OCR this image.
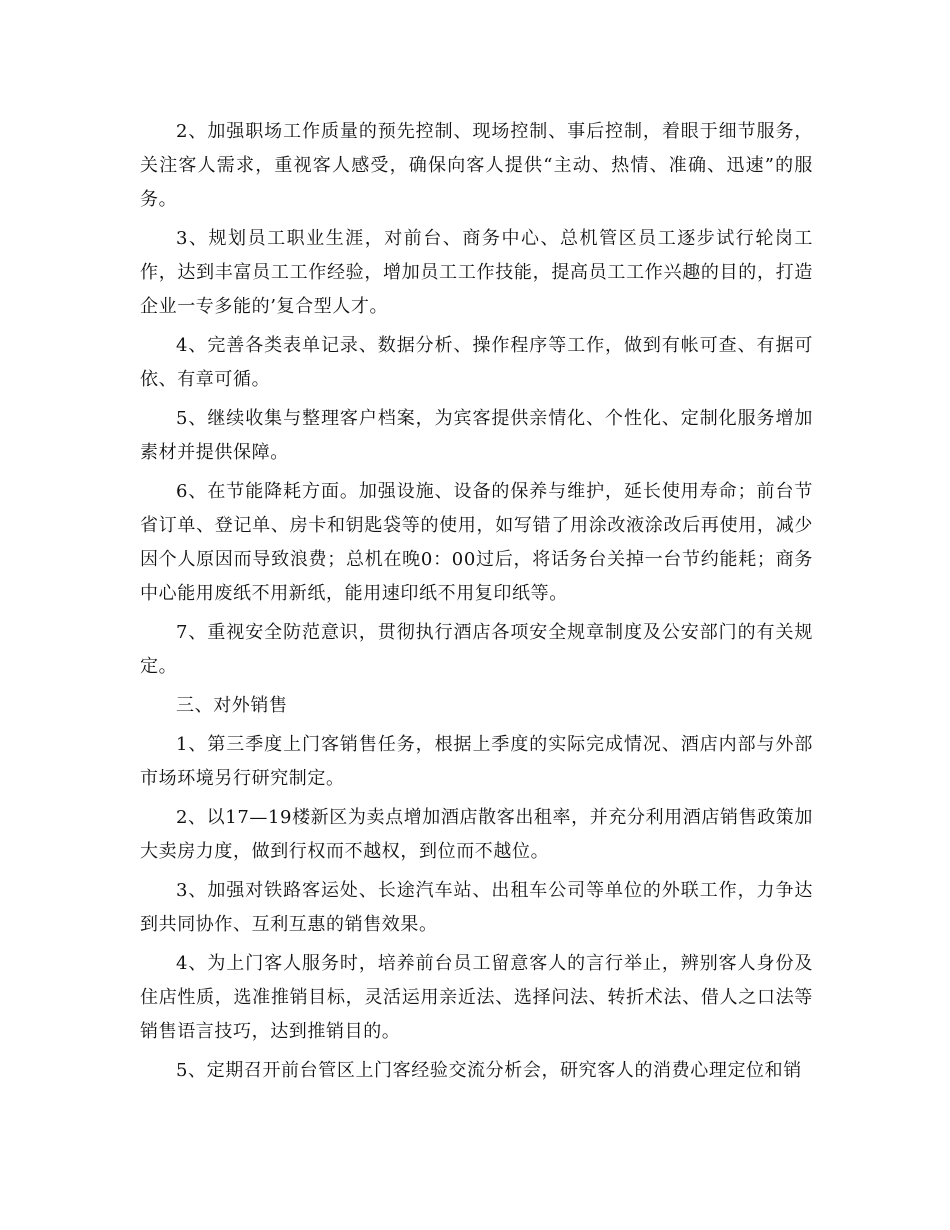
2、加强职场工作质量的预先控制、现场控制、事后控制，着眼于细节服务，关注客人需求，重视客人感受，确保向客人提供“主动、热情、准确、迅速”的服务。

3、规划员工职业生涯，对前台、商务中心、总机管区员工逐步试行轮岗工作，达到丰富员工工作经验，增加员工工作技能，提高员工工作兴趣的目的，打造企业一专多能的’复合型人才。

4、完善各类表单记录、数据分析、操作程序等工作，做到有帐可查、有据可依、有章可循。

5、继续收集与整理客户档案，为宾客提供亲情化、个性化、定制化服务增加素材并提供保障。

6、在节能降耗方面。加强设施、设备的保养与维护，延长使用寿命；前台节省订单、登记单、房卡和钥匙袋等的使用，如写错了用涂改液涂改后再使用，减少因个人原因而导致浪费；总机在晚0：00过后，将话务台关掉一台节约能耗；商务中心能用废纸不用新纸，能用速印纸不用复印纸等。

7、重视安全防范意识，贯彻执行酒店各项安全规章制度及公安部门的有关规定。

三、对外销售

1、第三季度上门客销售任务，根据上季度的实际完成情况、酒店内部与外部市场环境另行研究制定。

2、以17—19楼新区为卖点增加酒店散客出租率，并充分利用酒店销售政策加大卖房力度，做到行权而不越权，到位而不越位。

3、加强对铁路客运处、长途汽车站、出租车公司等单位的外联工作，力争达到共同协作、互利互惠的销售效果。

4、为上门客人服务时，培养前台员工留意客人的言行举止，辨别客人身份及住店性质，选准推销目标，灵活运用亲近法、选择问法、转折术法、借人之口法等销售语言技巧，达到推销目的。

5、定期召开前台管区上门客经验交流分析会，研究客人的消费心理定位和销
